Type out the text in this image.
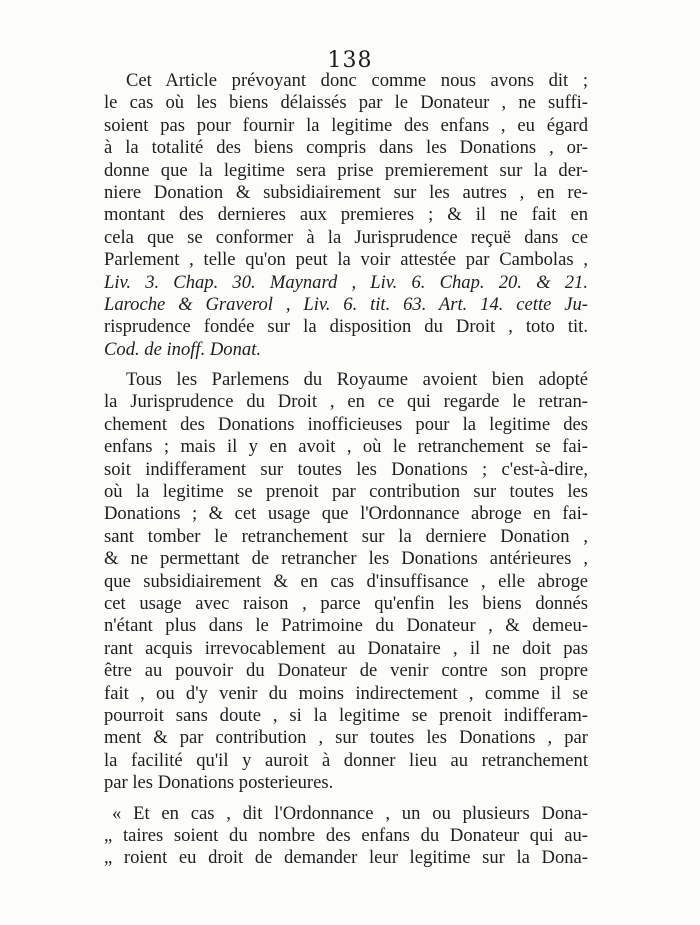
138
Cet Article prévoyant donc comme nous avons dit ;
le cas où les biens délaissés par le Donateur , ne suffi-
soient pas pour fournir la legitime des enfans , eu égard
à la totalité des biens compris dans les Donations , or-
donne que la legitime sera prise premierement sur la der-
niere Donation & subsidiairement sur les autres , en re-
montant des dernieres aux premieres ; & il ne fait en
cela que se conformer à la Jurisprudence reçuë dans ce
Parlement , telle qu'on peut la voir attestée par Cambolas ,
Liv. 3. Chap. 30. Maynard , Liv. 6. Chap. 20. & 21.
Laroche & Graverol , Liv. 6. tit. 63. Art. 14. cette Ju-
risprudence fondée sur la disposition du Droit , toto tit.
Cod. de inoff. Donat.
Tous les Parlemens du Royaume avoient bien adopté
la Jurisprudence du Droit , en ce qui regarde le retran-
chement des Donations inofficieuses pour la legitime des
enfans ; mais il y en avoit , où le retranchement se fai-
soit indifferament sur toutes les Donations ; c'est-à-dire,
où la legitime se prenoit par contribution sur toutes les
Donations ; & cet usage que l'Ordonnance abroge en fai-
sant tomber le retranchement sur la derniere Donation ,
& ne permettant de retrancher les Donations antérieures ,
que subsidiairement & en cas d'insuffisance , elle abroge
cet usage avec raison , parce qu'enfin les biens donnés
n'étant plus dans le Patrimoine du Donateur , & demeu-
rant acquis irrevocablement au Donataire , il ne doit pas
être au pouvoir du Donateur de venir contre son propre
fait , ou d'y venir du moins indirectement , comme il se
pourroit sans doute , si la legitime se prenoit indifferam-
ment & par contribution , sur toutes les Donations , par
la facilité qu'il y auroit à donner lieu au retranchement
par les Donations posterieures.
« Et en cas , dit l'Ordonnance , un ou plusieurs Dona-
„ taires soient du nombre des enfans du Donateur qui au-
„ roient eu droit de demander leur legitime sur la Dona-
